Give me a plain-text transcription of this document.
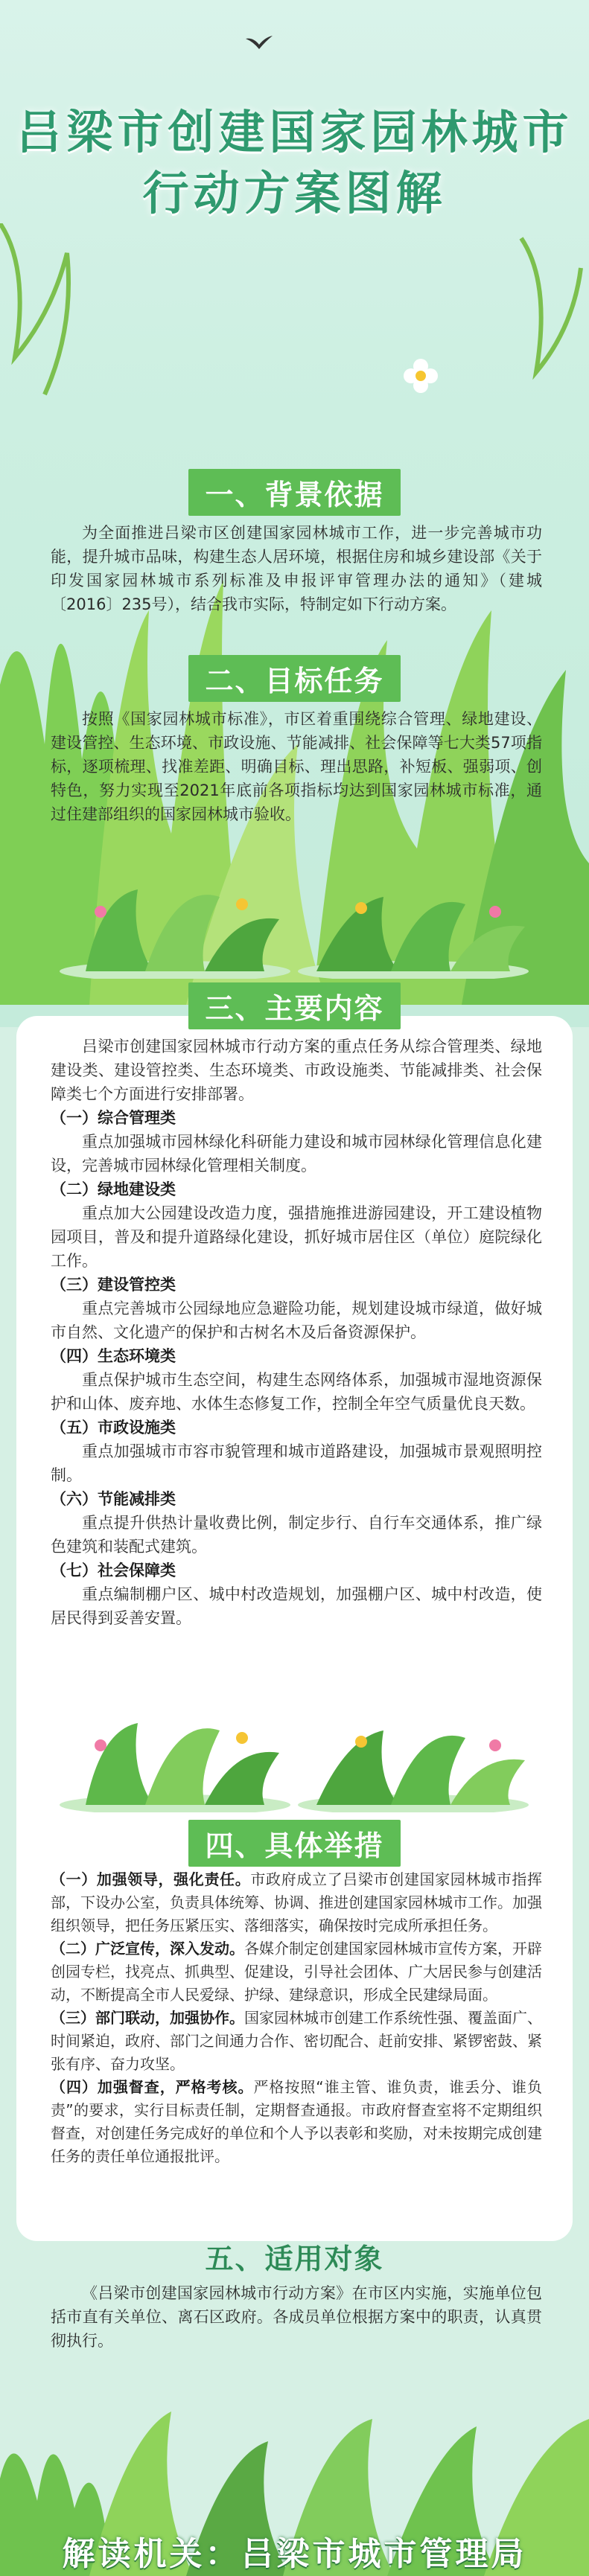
吕梁市创建国家园林城市
行动方案图解
一、背景依据

为全面推进吕梁市区创建国家园林城市工作，进一步完善城市功能，提升城市品味，构建生态人居环境，根据住房和城乡建设部《关于印发国家园林城市系列标准及申报评审管理办法的通知》（建城〔2016〕235号），结合我市实际，特制定如下行动方案。

二、目标任务

按照《国家园林城市标准》，市区着重围绕综合管理、绿地建设、建设管控、生态环境、市政设施、节能减排、社会保障等七大类57项指标，逐项梳理、找准差距、明确目标、理出思路，补短板、强弱项、创特色，努力实现至2021年底前各项指标均达到国家园林城市标准，通过住建部组织的国家园林城市验收。

三、主要内容

吕梁市创建国家园林城市行动方案的重点任务从综合管理类、绿地建设类、建设管控类、生态环境类、市政设施类、节能减排类、社会保障类七个方面进行安排部署。

（一）综合管理类

重点加强城市园林绿化科研能力建设和城市园林绿化管理信息化建设，完善城市园林绿化管理相关制度。

（二）绿地建设类

重点加大公园建设改造力度，强措施推进游园建设，开工建设植物园项目，普及和提升道路绿化建设，抓好城市居住区（单位）庭院绿化工作。

（三）建设管控类

重点完善城市公园绿地应急避险功能，规划建设城市绿道，做好城市自然、文化遗产的保护和古树名木及后备资源保护。

（四）生态环境类

重点保护城市生态空间，构建生态网络体系，加强城市湿地资源保护和山体、废弃地、水体生态修复工作，控制全年空气质量优良天数。

（五）市政设施类

重点加强城市市容市貌管理和城市道路建设，加强城市景观照明控制。

（六）节能减排类

重点提升供热计量收费比例，制定步行、自行车交通体系，推广绿色建筑和装配式建筑。

（七）社会保障类

重点编制棚户区、城中村改造规划，加强棚户区、城中村改造，使居民得到妥善安置。

四、具体举措

（一）加强领导，强化责任。市政府成立了吕梁市创建国家园林城市指挥部，下设办公室，负责具体统筹、协调、推进创建国家园林城市工作。加强组织领导，把任务压紧压实、落细落实，确保按时完成所承担任务。

（二）广泛宣传，深入发动。各媒介制定创建国家园林城市宣传方案，开辟创园专栏，找亮点、抓典型、促建设，引导社会团体、广大居民参与创建活动，不断提高全市人民爱绿、护绿、建绿意识，形成全民建绿局面。

（三）部门联动，加强协作。国家园林城市创建工作系统性强、覆盖面广、时间紧迫，政府、部门之间通力合作、密切配合、赶前安排、紧锣密鼓、紧张有序、奋力攻坚。

（四）加强督查，严格考核。严格按照“谁主管、谁负责，谁丢分、谁负责”的要求，实行目标责任制，定期督查通报。市政府督查室将不定期组织督查，对创建任务完成好的单位和个人予以表彰和奖励，对未按期完成创建任务的责任单位通报批评。

五、适用对象

《吕梁市创建国家园林城市行动方案》在市区内实施，实施单位包括市直有关单位、离石区政府。各成员单位根据方案中的职责，认真贯彻执行。

解读机关：吕梁市城市管理局
